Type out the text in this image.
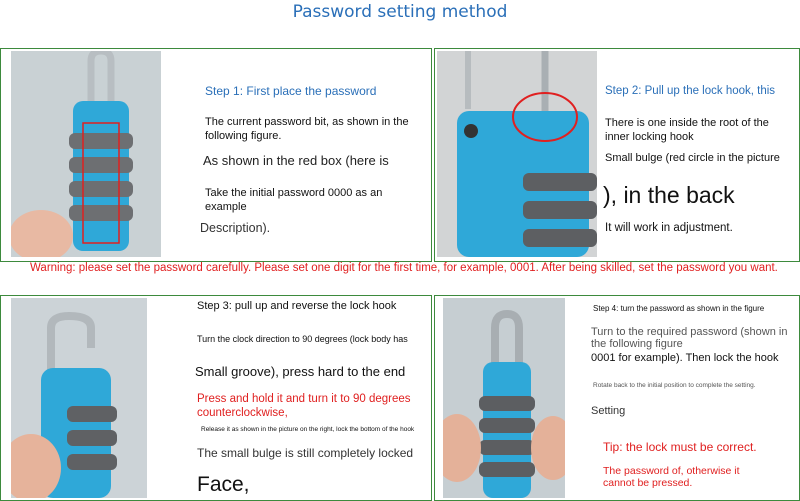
Password setting method
Step 1: First place the password
The current password bit, as shown in the following figure.
As shown in the red box (here is
Take the initial password 0000 as an example
Description).
Step 2: Pull up the lock hook, this
There is one inside the root of the inner locking hook
Small bulge (red circle in the picture
), in the back
It will work in adjustment.
Warning: please set the password carefully. Please set one digit for the first time, for example, 0001. After being skilled, set the password you want.
Step 3: pull up and reverse the lock hook
Turn the clock direction to 90 degrees (lock body has
Small groove), press hard to the end
Press and hold it and turn it to 90 degrees counterclockwise,
Release it as shown in the picture on the right, lock the bottom of the hook
The small bulge is still completely locked
Face,
Step 4: turn the password as shown in the figure
Turn to the required password (shown in the following figure
0001 for example). Then lock the hook
Rotate back to the initial position to complete the setting.
Setting
Tip: the lock must be correct.
The password of, otherwise it cannot be pressed.
